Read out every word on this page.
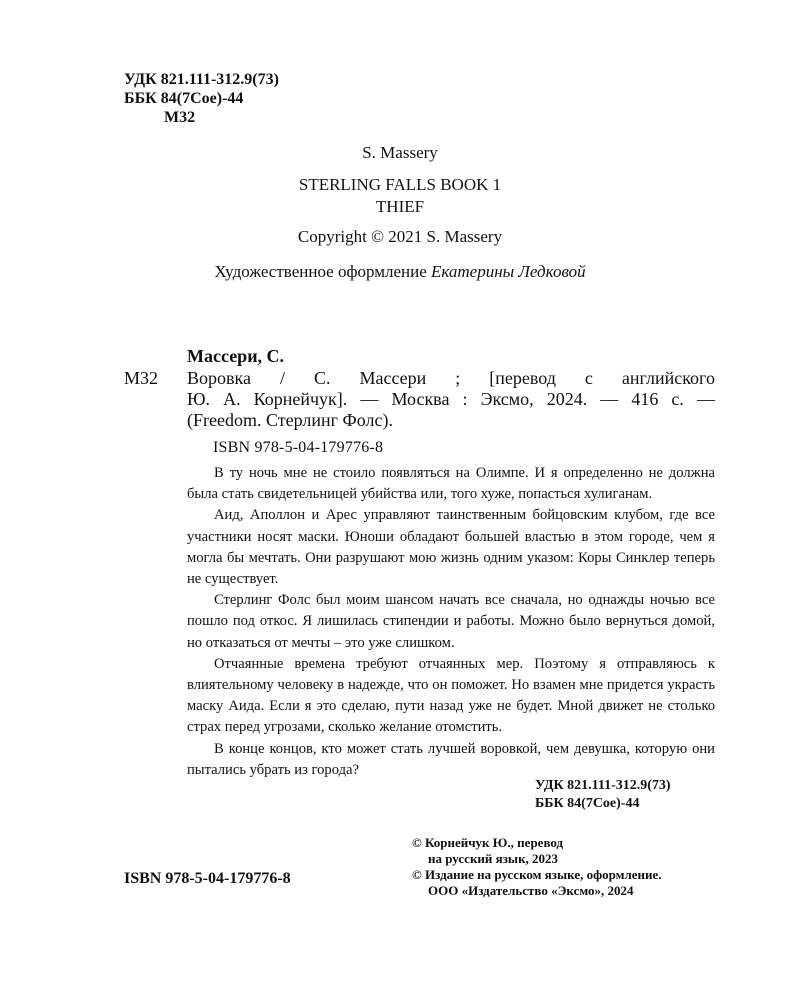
УДК 821.111-312.9(73)
ББК 84(7Сое)-44
М32
S. Massery
STERLING FALLS BOOK 1
THIEF
Copyright © 2021 S. Massery
Художественное оформление Екатерины Ледковой
Массери, С.
М32 Воровка / С. Массери ; [перевод с английского
Ю. А. Корнейчук]. — Москва : Эксмо, 2024. — 416 с. —
(Freedom. Стерлинг Фолс).
ISBN 978-5-04-179776-8

В ту ночь мне не стоило появляться на Олимпе. И я определенно не должна была стать свидетельницей убийства или, того хуже, попасться хулиганам.

Аид, Аполлон и Арес управляют таинственным бойцовским клубом, где все участники носят маски. Юноши обладают большей властью в этом городе, чем я могла бы мечтать. Они разрушают мою жизнь одним указом: Коры Синклер теперь не существует.

Стерлинг Фолс был моим шансом начать все сначала, но однажды ночью все пошло под откос. Я лишилась стипендии и работы. Можно было вернуться домой, но отказаться от мечты – это уже слишком.

Отчаянные времена требуют отчаянных мер. Поэтому я отправляюсь к влиятельному человеку в надежде, что он поможет. Но взамен мне придется украсть маску Аида. Если я это сделаю, пути назад уже не будет. Мной движет не столько страх перед угрозами, сколько желание отомстить.

В конце концов, кто может стать лучшей воровкой, чем девушка, которую они пытались убрать из города?

УДК 821.111-312.9(73)
ББК 84(7Сое)-44
© Корнейчук Ю., перевод
на русский язык, 2023
© Издание на русском языке, оформление.
ООО «Издательство «Эксмо», 2024
ISBN 978-5-04-179776-8
